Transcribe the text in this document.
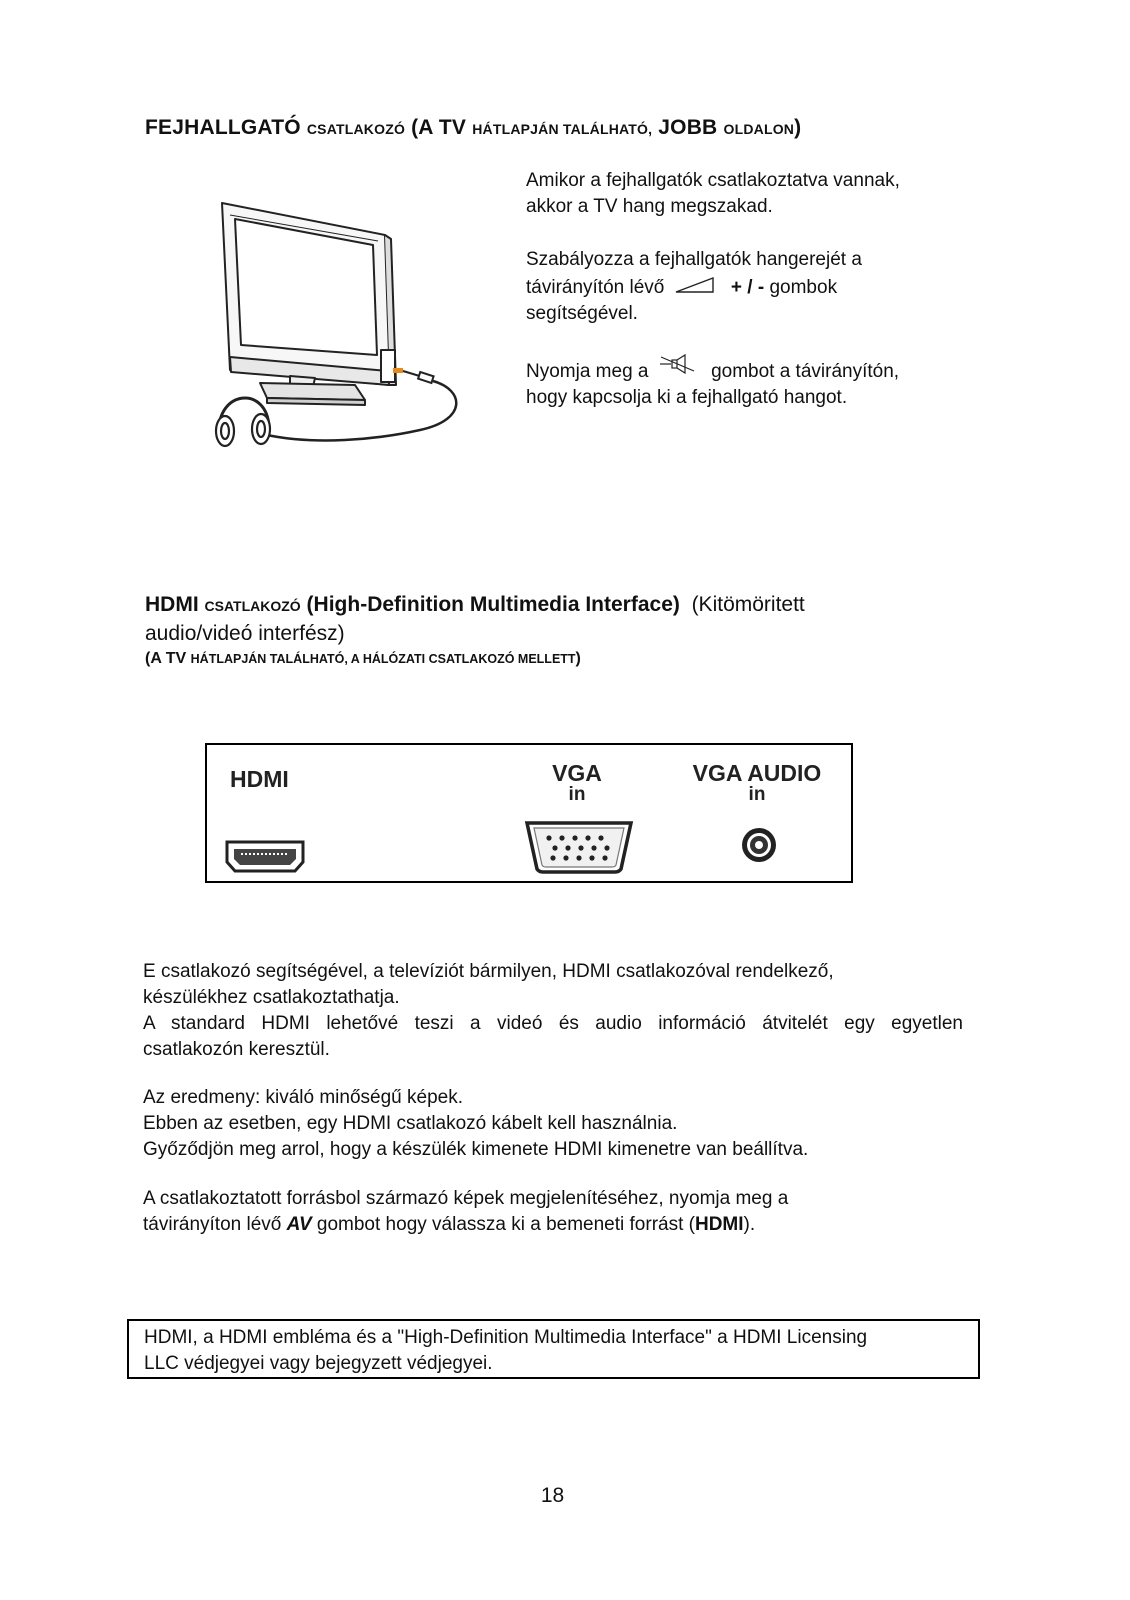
FEJHALLGATÓ CSATLAKOZÓ (A TV HÁTLAPJÁN TALÁLHATÓ, JOBB OLDALON)
Amikor a fejhallgatók csatlakoztatva vannak,
akkor a TV hang megszakad.
Szabályozza a fejhallgatók hangerejét a
távirányítón lévő	+ / - gombok
segítségével.
Nyomja meg a	gombot a távirányítón,
hogy kapcsolja ki a fejhallgató hangot.
HDMI CSATLAKOZÓ (High-Definition Multimedia Interface) (Kitömöritett
audio/videó interfész)
(A TV HÁTLAPJÁN TALÁLHATÓ, A HÁLÓZATI CSATLAKOZÓ MELLETT)
HDMI	VGA
in
VGA AUDIO
in
E csatlakozó segítségével, a televíziót bármilyen, HDMI csatlakozóval rendelkező,
készülékhez csatlakoztathatja.
A standard HDMI lehetővé teszi a videó és audio információ átvitelét egy egyetlen
csatlakozón keresztül.
Az eredmeny: kiváló minőségű képek.
Ebben az esetben, egy HDMI csatlakozó kábelt kell használnia.
Győződjön meg arrol, hogy a készülék kimenete HDMI kimenetre van beállítva.
A csatlakoztatott forrásbol származó képek megjelenítéséhez, nyomja meg a
távirányíton lévő AV gombot hogy válassza ki a bemeneti forrást (HDMI).
HDMI, a HDMI embléma és a "High-Definition Multimedia Interface" a HDMI Licensing
LLC védjegyei vagy bejegyzett védjegyei.
18
